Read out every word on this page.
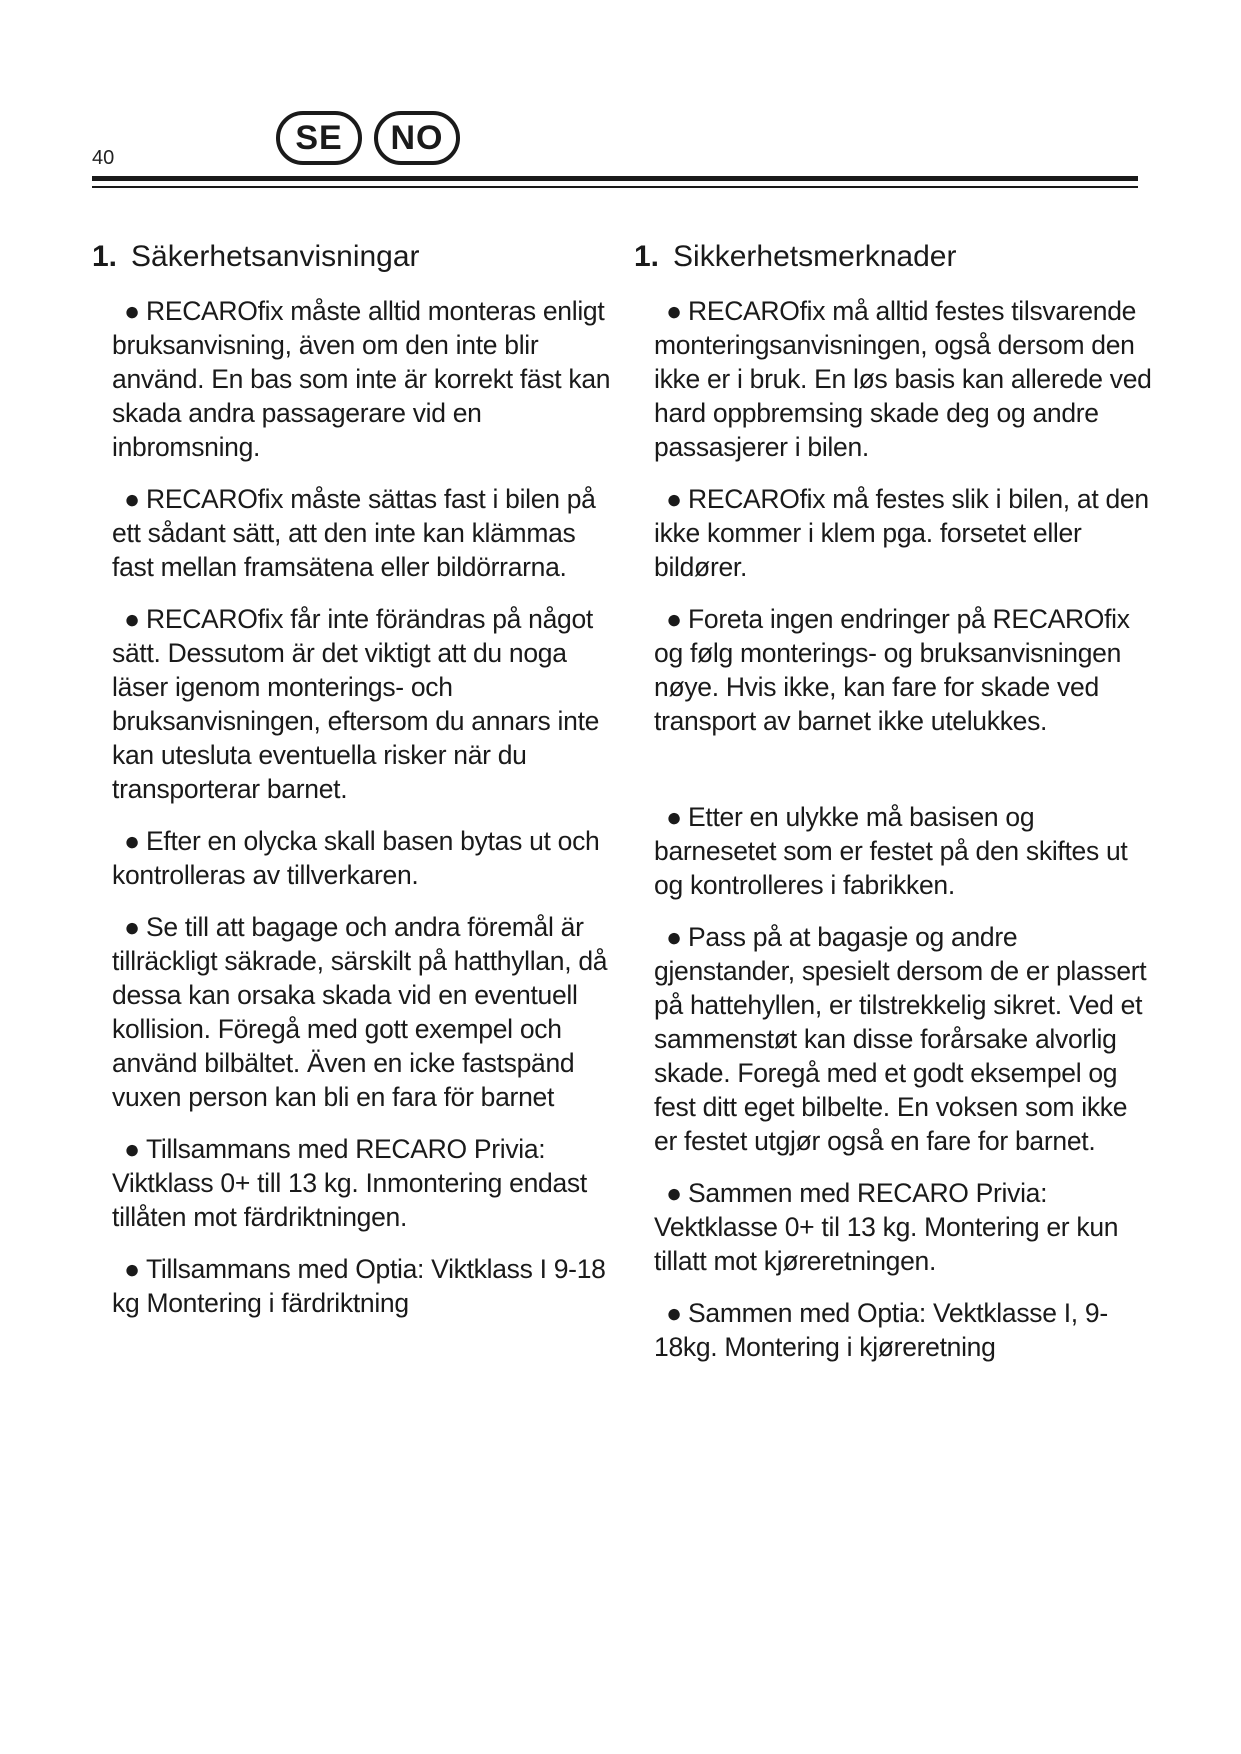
40
SE	NO
1. Säkerhetsanvisningar

● RECAROfix måste alltid monteras enligt bruksanvisning, även om den inte blir använd. En bas som inte är korrekt fäst kan skada andra passagerare vid en inbromsning.

● RECAROfix måste sättas fast i bilen på ett sådant sätt, att den inte kan klämmas fast mellan framsätena eller bildörrarna.

● RECAROfix får inte förändras på något sätt. Dessutom är det viktigt att du noga läser igenom monterings- och bruksanvisningen, eftersom du annars inte kan utesluta eventuella risker när du transporterar barnet.

● Efter en olycka skall basen bytas ut och kontrolleras av tillverkaren.

● Se till att bagage och andra föremål är tillräckligt säkrade, särskilt på hatthyllan, då dessa kan orsaka skada vid en eventuell kollision. Föregå med gott exempel och använd bilbältet. Även en icke fastspänd vuxen person kan bli en fara för barnet

● Tillsammans med RECARO Privia: Viktklass 0+ till 13 kg. Inmontering endast tillåten mot färdriktningen.

● Tillsammans med Optia: Viktklass I 9-18 kg Montering i färdriktning

1. Sikkerhetsmerknader

● RECAROfix må alltid festes tilsvarende monteringsanvisningen, også dersom den ikke er i bruk. En løs basis kan allerede ved hard oppbremsing skade deg og andre passasjerer i bilen.

● RECAROfix må festes slik i bilen, at den ikke kommer i klem pga. forsetet eller bildører.

● Foreta ingen endringer på RECAROfix og følg monterings- og bruksanvisningen nøye. Hvis ikke, kan fare for skade ved transport av barnet ikke utelukkes.

● Etter en ulykke må basisen og barnesetet som er festet på den skiftes ut og kontrolleres i fabrikken.

● Pass på at bagasje og andre gjenstander, spesielt dersom de er plassert på hattehyllen, er tilstrekkelig sikret. Ved et sammenstøt kan disse forårsake alvorlig skade. Foregå med et godt eksempel og fest ditt eget bilbelte. En voksen som ikke er festet utgjør også en fare for barnet.

● Sammen med RECARO Privia: Vektklasse 0+ til 13 kg. Montering er kun tillatt mot kjøreretningen.

● Sammen med Optia: Vektklasse I, 9-18kg. Montering i kjøreretning
